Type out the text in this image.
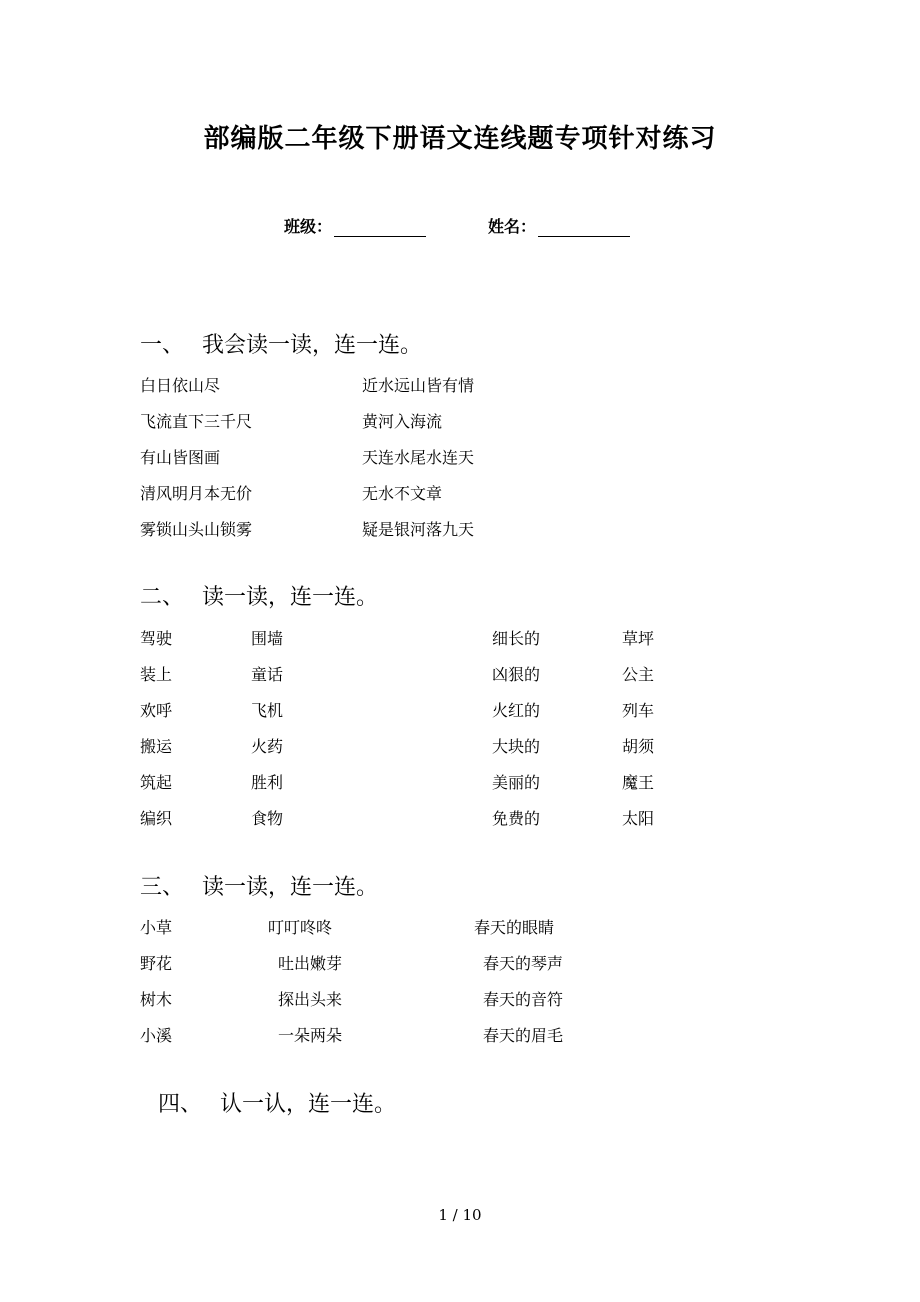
部编版二年级下册语文连线题专项针对练习
班级：	姓名：
一、 我会读一读，连一连。
白日依山尽
飞流直下三千尺
有山皆图画
清风明月本无价
雾锁山头山锁雾
近水远山皆有情
黄河入海流
天连水尾水连天
无水不文章
疑是银河落九天
二、 读一读，连一连。
驾驶
装上
欢呼
搬运
筑起
编织
围墙
童话
飞机
火药
胜利
食物
细长的
凶狠的
火红的
大块的
美丽的
免费的
草坪
公主
列车
胡须
魔王
太阳
三、 读一读，连一连。
小草
野花
树木
小溪
叮叮咚咚
吐出嫩芽
探出头来
一朵两朵
春天的眼睛
春天的琴声
春天的音符
春天的眉毛
四、 认一认，连一连。
1 / 10
